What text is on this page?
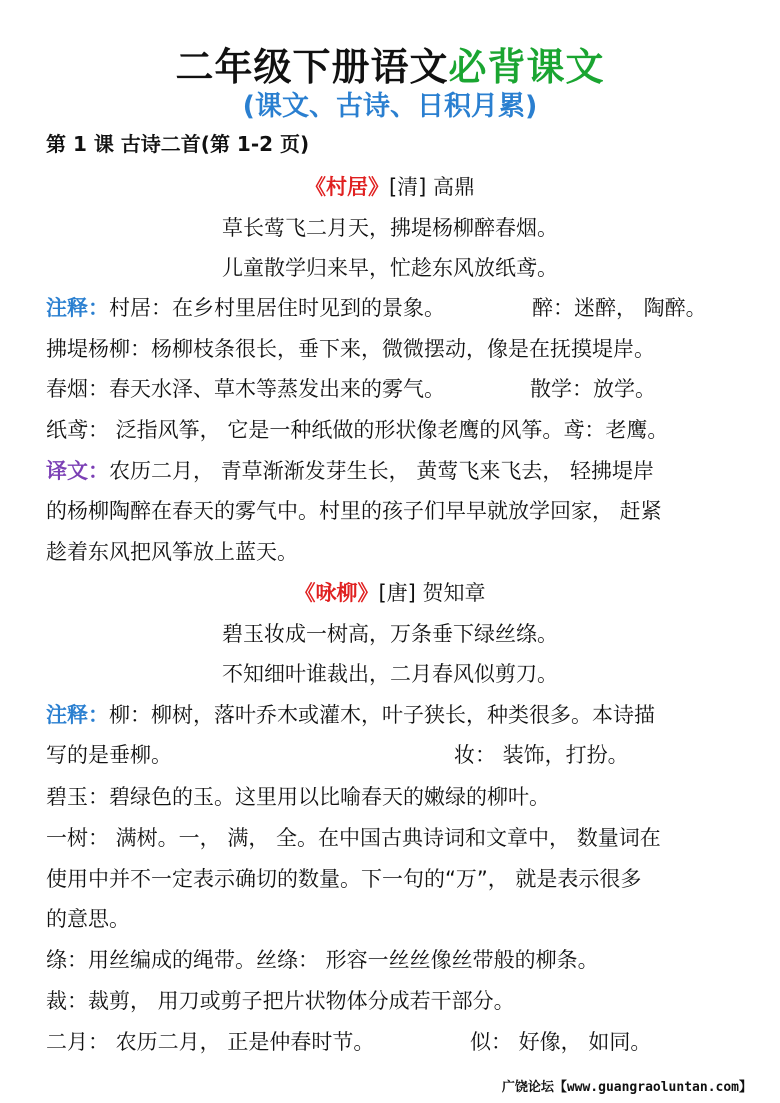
二年级下册语文必背课文
(课文、古诗、日积月累)
第 1 课 古诗二首(第 1-2 页)
《村居》[清] 高鼎
草长莺飞二月天，拂堤杨柳醉春烟。
儿童散学归来早，忙趁东风放纸鸢。
注释：村居：在乡村里居住时见到的景象。	醉：迷醉， 陶醉。
拂堤杨柳：杨柳枝条很长，垂下来，微微摆动，像是在抚摸堤岸。
春烟：春天水泽、草木等蒸发出来的雾气。	散学：放学。
纸鸢： 泛指风筝， 它是一种纸做的形状像老鹰的风筝。鸢：老鹰。
译文：农历二月， 青草渐渐发芽生长， 黄莺飞来飞去， 轻拂堤岸
的杨柳陶醉在春天的雾气中。村里的孩子们早早就放学回家， 赶紧
趁着东风把风筝放上蓝天。
《咏柳》[唐] 贺知章
碧玉妆成一树高，万条垂下绿丝绦。
不知细叶谁裁出，二月春风似剪刀。
注释：柳：柳树，落叶乔木或灌木，叶子狭长，种类很多。本诗描
写的是垂柳。	妆： 装饰，打扮。
碧玉：碧绿色的玉。这里用以比喻春天的嫩绿的柳叶。
一树： 满树。一， 满， 全。在中国古典诗词和文章中， 数量词在
使用中并不一定表示确切的数量。下一句的“万”， 就是表示很多
的意思。
绦：用丝编成的绳带。丝绦： 形容一丝丝像丝带般的柳条。
裁：裁剪， 用刀或剪子把片状物体分成若干部分。
二月： 农历二月， 正是仲春时节。	似： 好像， 如同。
广饶论坛【www.guangraoluntan.com】
